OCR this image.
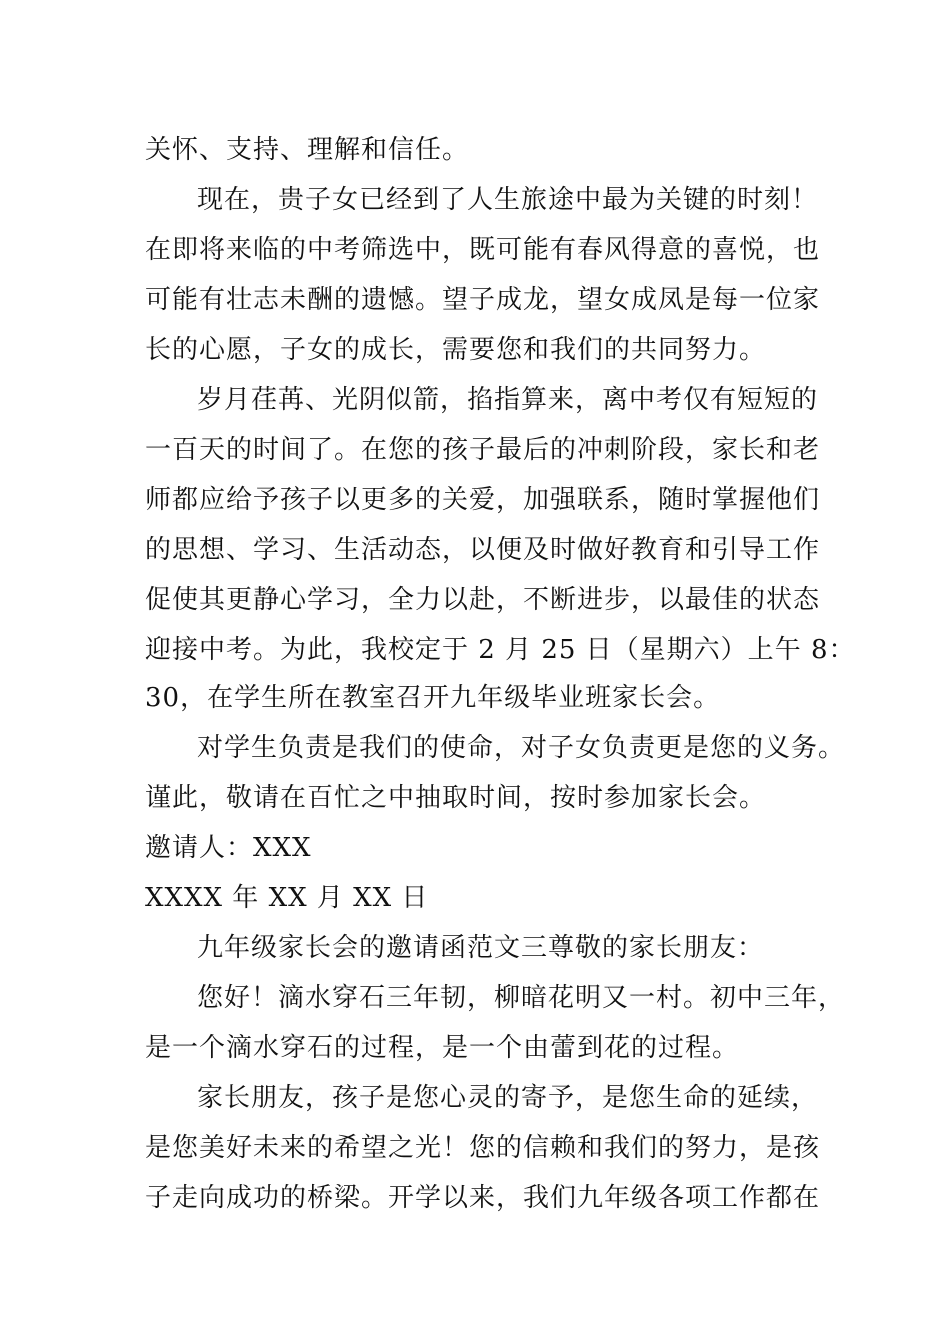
关怀、支持、理解和信任。
现在，贵子女已经到了人生旅途中最为关键的时刻！
在即将来临的中考筛选中，既可能有春风得意的喜悦，也
可能有壮志未酬的遗憾。望子成龙，望女成凤是每一位家
长的心愿，子女的成长，需要您和我们的共同努力。
岁月荏苒、光阴似箭，掐指算来，离中考仅有短短的
一百天的时间了。在您的孩子最后的冲刺阶段，家长和老
师都应给予孩子以更多的关爱，加强联系，随时掌握他们
的思想、学习、生活动态，以便及时做好教育和引导工作
促使其更静心学习，全力以赴，不断进步，以最佳的状态
迎接中考。为此，我校定于 2 月 25 日（星期六）上午 8：
30，在学生所在教室召开九年级毕业班家长会。
对学生负责是我们的使命，对子女负责更是您的义务。
谨此，敬请在百忙之中抽取时间，按时参加家长会。
邀请人：XXX
XXXX 年 XX 月 XX 日
九年级家长会的邀请函范文三尊敬的家长朋友：
您好！滴水穿石三年韧，柳暗花明又一村。初中三年，
是一个滴水穿石的过程，是一个由蕾到花的过程。
家长朋友，孩子是您心灵的寄予，是您生命的延续，
是您美好未来的希望之光！您的信赖和我们的努力，是孩
子走向成功的桥梁。开学以来，我们九年级各项工作都在
